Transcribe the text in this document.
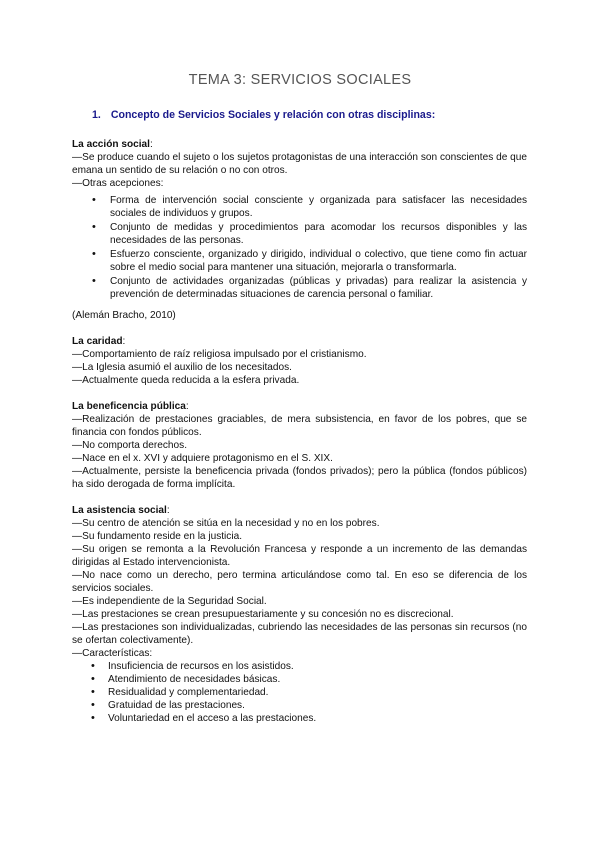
TEMA 3: SERVICIOS SOCIALES
1. Concepto de Servicios Sociales y relación con otras disciplinas:

La acción social:

—Se produce cuando el sujeto o los sujetos protagonistas de una interacción son conscientes de que emana un sentido de su relación o no con otros.

—Otras acepciones:

• Forma de intervención social consciente y organizada para satisfacer las necesidades sociales de individuos y grupos.
• Conjunto de medidas y procedimientos para acomodar los recursos disponibles y las necesidades de las personas.
• Esfuerzo consciente, organizado y dirigido, individual o colectivo, que tiene como fin actuar sobre el medio social para mantener una situación, mejorarla o transformarla.
• Conjunto de actividades organizadas (públicas y privadas) para realizar la asistencia y prevención de determinadas situaciones de carencia personal o familiar.

(Alemán Bracho, 2010)

La caridad:

—Comportamiento de raíz religiosa impulsado por el cristianismo.

—La Iglesia asumió el auxilio de los necesitados.

—Actualmente queda reducida a la esfera privada.

La beneficencia pública:

—Realización de prestaciones graciables, de mera subsistencia, en favor de los pobres, que se financia con fondos públicos.

—No comporta derechos.

—Nace en el x. XVI y adquiere protagonismo en el S. XIX.

—Actualmente, persiste la beneficencia privada (fondos privados); pero la pública (fondos públicos) ha sido derogada de forma implícita.

La asistencia social:

—Su centro de atención se sitúa en la necesidad y no en los pobres.

—Su fundamento reside en la justicia.

—Su origen se remonta a la Revolución Francesa y responde a un incremento de las demandas dirigidas al Estado intervencionista.

—No nace como un derecho, pero termina articulándose como tal. En eso se diferencia de los servicios sociales.

—Es independiente de la Seguridad Social.

—Las prestaciones se crean presupuestariamente y su concesión no es discrecional.

—Las prestaciones son individualizadas, cubriendo las necesidades de las personas sin recursos (no se ofertan colectivamente).

—Características:

• Insuficiencia de recursos en los asistidos.
• Atendimiento de necesidades básicas.
• Residualidad y complementariedad.
• Gratuidad de las prestaciones.
• Voluntariedad en el acceso a las prestaciones.
